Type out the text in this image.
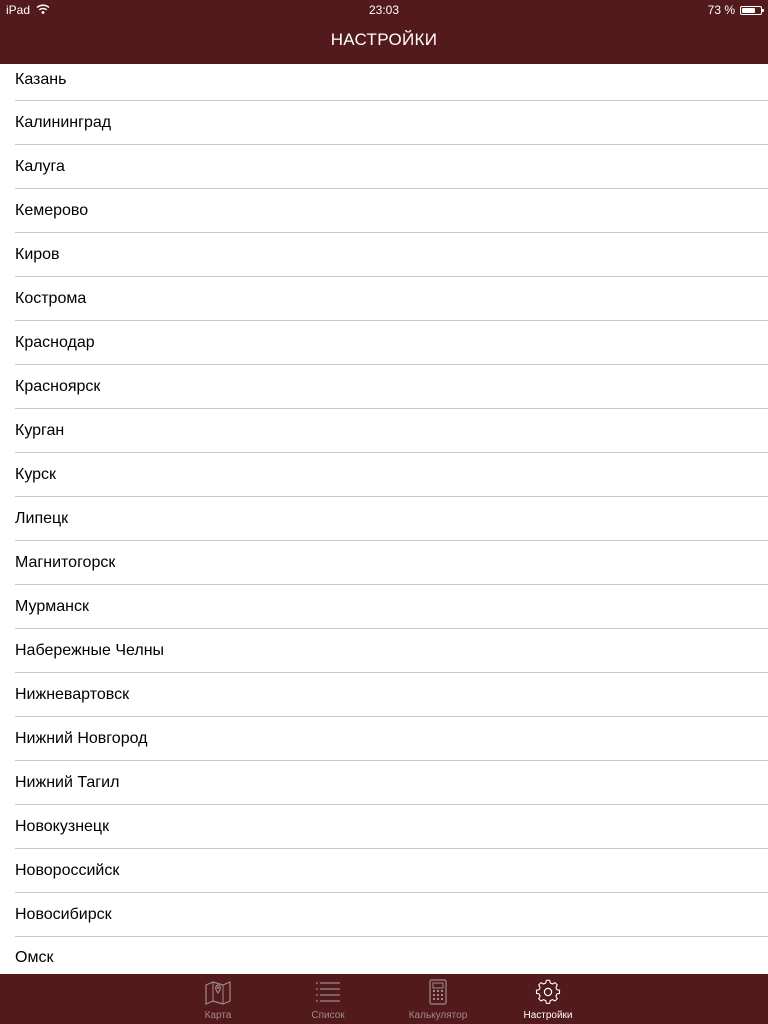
iPad	23:03	73 %
НАСТРОЙКИ
Казань
Калининград
Калуга
Кемерово
Киров
Кострома
Краснодар
Красноярск
Курган
Курск
Липецк
Магнитогорск
Мурманск
Набережные Челны
Нижневартовск
Нижний Новгород
Нижний Тагил
Новокузнецк
Новороссийск
Новосибирск
Омск
Карта	Список	Калькулятор	Настройки
